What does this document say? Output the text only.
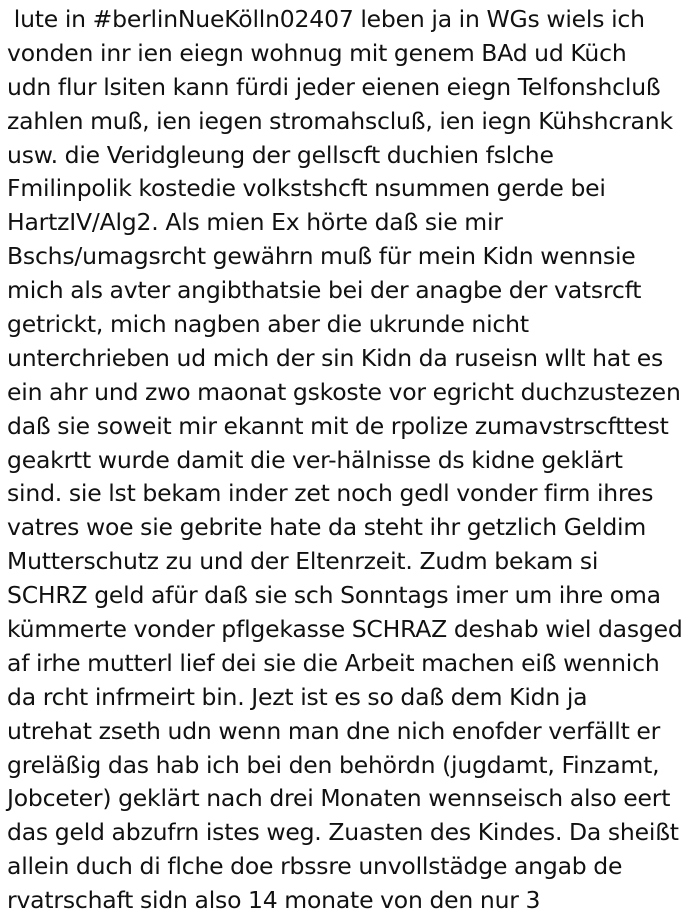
lute in #berlinNueKölln02407 leben ja in WGs wiels ich
vonden inr ien eiegn wohnug mit genem BAd ud Küch
udn flur lsiten kann fürdi jeder eienen eiegn Telfonshcluß
zahlen muß, ien iegen stromahscluß, ien iegn Kühshcrank
usw. die Veridgleung der gellscft duchien fslche
Fmilinpolik kostedie volkstshcft nsummen gerde bei
HartzIV/Alg2. Als mien Ex hörte daß sie mir
Bschs/umagsrcht gewährn muß für mein Kidn wennsie
mich als avter angibthatsie bei der anagbe der vatsrcft
getrickt, mich nagben aber die ukrunde nicht
unterchrieben ud mich der sin Kidn da ruseisn wllt hat es
ein ahr und zwo maonat gskoste vor egricht duchzustezen
daß sie soweit mir ekannt mit de rpolize zumavstrscfttest
geakrtt wurde damit die ver-hälnisse ds kidne geklärt
sind. sie lst bekam inder zet noch gedl vonder firm ihres
vatres woe sie gebrite hate da steht ihr getzlich Geldim
Mutterschutz zu und der Eltenrzeit. Zudm bekam si
SCHRZ geld afür daß sie sch Sonntags imer um ihre oma
kümmerte vonder pflgekasse SCHRAZ deshab wiel dasged
af irhe mutterl lief dei sie die Arbeit machen eiß wennich
da rcht infrmeirt bin. Jezt ist es so daß dem Kidn ja
utrehat zseth udn wenn man dne nich enofder verfällt er
greläßig das hab ich bei den behördn (jugdamt, Finzamt,
Jobceter) geklärt nach drei Monaten wennseisch also eert
das geld abzufrn istes weg. Zuasten des Kindes. Da sheißt
allein duch di flche doe rbssre unvollstädge angab de
rvatrschaft sidn also 14 monate von den nur 3
